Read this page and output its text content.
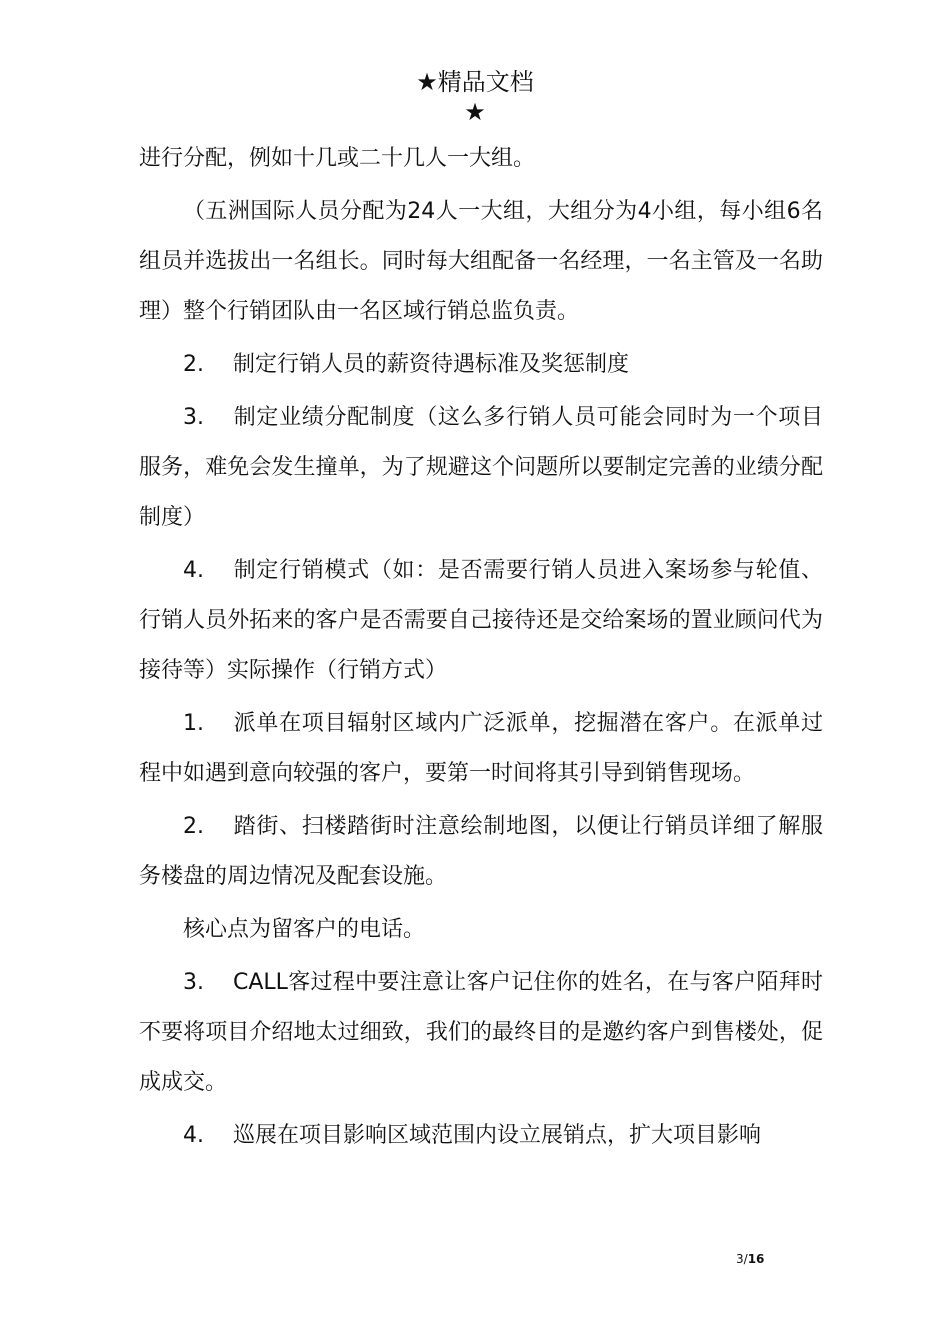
★精品文档
★

进行分配，例如十几或二十几人一大组。

（五洲国际人员分配为24人一大组，大组分为4小组，每小组6名组员并选拔出一名组长。同时每大组配备一名经理，一名主管及一名助理）整个行销团队由一名区域行销总监负责。

2. 制定行销人员的薪资待遇标准及奖惩制度

3. 制定业绩分配制度（这么多行销人员可能会同时为一个项目服务，难免会发生撞单，为了规避这个问题所以要制定完善的业绩分配制度）

4. 制定行销模式（如：是否需要行销人员进入案场参与轮值、行销人员外拓来的客户是否需要自己接待还是交给案场的置业顾问代为接待等）实际操作（行销方式）

1. 派单在项目辐射区域内广泛派单，挖掘潜在客户。在派单过程中如遇到意向较强的客户，要第一时间将其引导到销售现场。

2. 踏街、扫楼踏街时注意绘制地图，以便让行销员详细了解服务楼盘的周边情况及配套设施。

核心点为留客户的电话。

3. CALL客过程中要注意让客户记住你的姓名，在与客户陌拜时不要将项目介绍地太过细致，我们的最终目的是邀约客户到售楼处，促成成交。

4. 巡展在项目影响区域范围内设立展销点，扩大项目影响

3/16
